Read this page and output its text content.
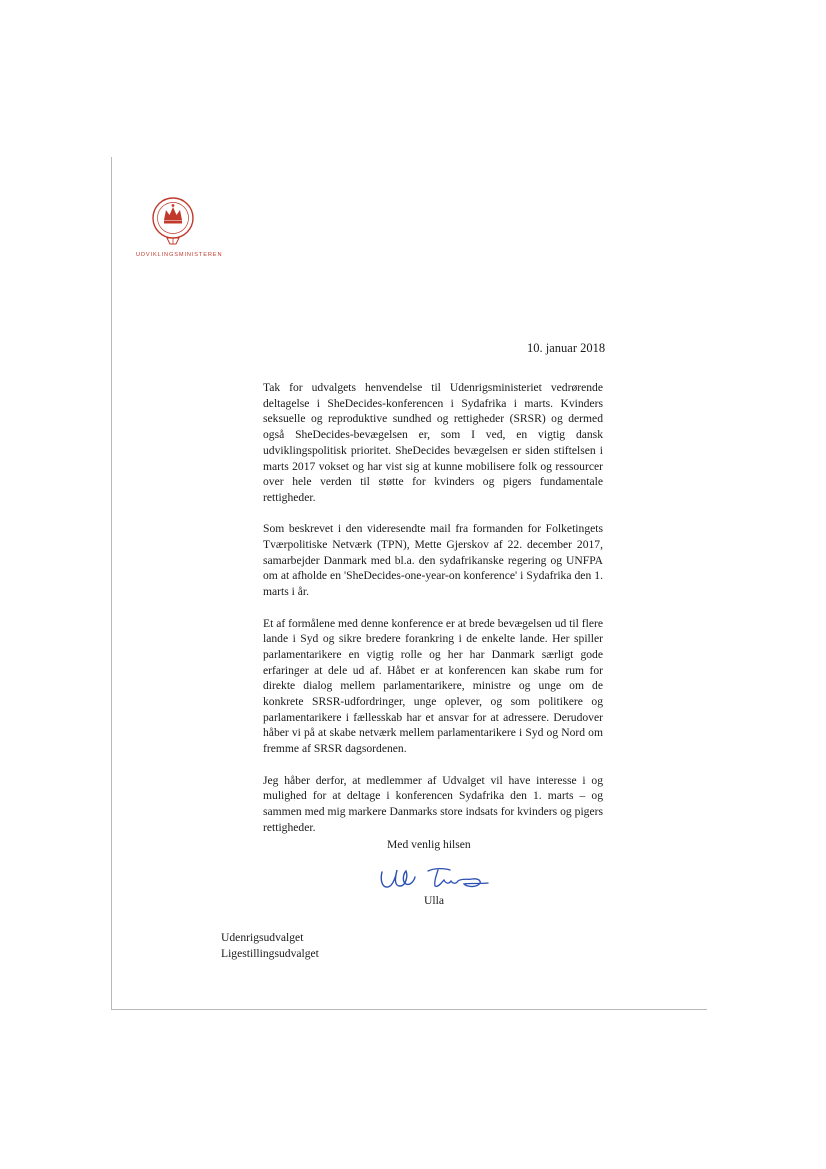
UDVIKLINGSMINISTEREN
10. januar 2018

Tak for udvalgets henvendelse til Udenrigsministeriet vedrørende deltagelse i SheDecides-konferencen i Sydafrika i marts. Kvinders seksuelle og reproduktive sundhed og rettigheder (SRSR) og dermed også SheDecides-bevægelsen er, som I ved, en vigtig dansk udviklingspolitisk prioritet. SheDecides bevægelsen er siden stiftelsen i marts 2017 vokset og har vist sig at kunne mobilisere folk og ressourcer over hele verden til støtte for kvinders og pigers fundamentale rettigheder.

Som beskrevet i den videresendte mail fra formanden for Folketingets Tværpolitiske Netværk (TPN), Mette Gjerskov af 22. december 2017, samarbejder Danmark med bl.a. den sydafrikanske regering og UNFPA om at afholde en 'SheDecides-one-year-on konference' i Sydafrika den 1. marts i år.

Et af formålene med denne konference er at brede bevægelsen ud til flere lande i Syd og sikre bredere forankring i de enkelte lande. Her spiller parlamentarikere en vigtig rolle og her har Danmark særligt gode erfaringer at dele ud af. Håbet er at konferencen kan skabe rum for direkte dialog mellem parlamentarikere, ministre og unge om de konkrete SRSR-udfordringer, unge oplever, og som politikere og parlamentarikere i fællesskab har et ansvar for at adressere. Derudover håber vi på at skabe netværk mellem parlamentarikere i Syd og Nord om fremme af SRSR dagsordenen.

Jeg håber derfor, at medlemmer af Udvalget vil have interesse i og mulighed for at deltage i konferencen Sydafrika den 1. marts – og sammen med mig markere Danmarks store indsats for kvinders og pigers rettigheder.

Med venlig hilsen
Ulla
Udenrigsudvalget
Ligestillingsudvalget
